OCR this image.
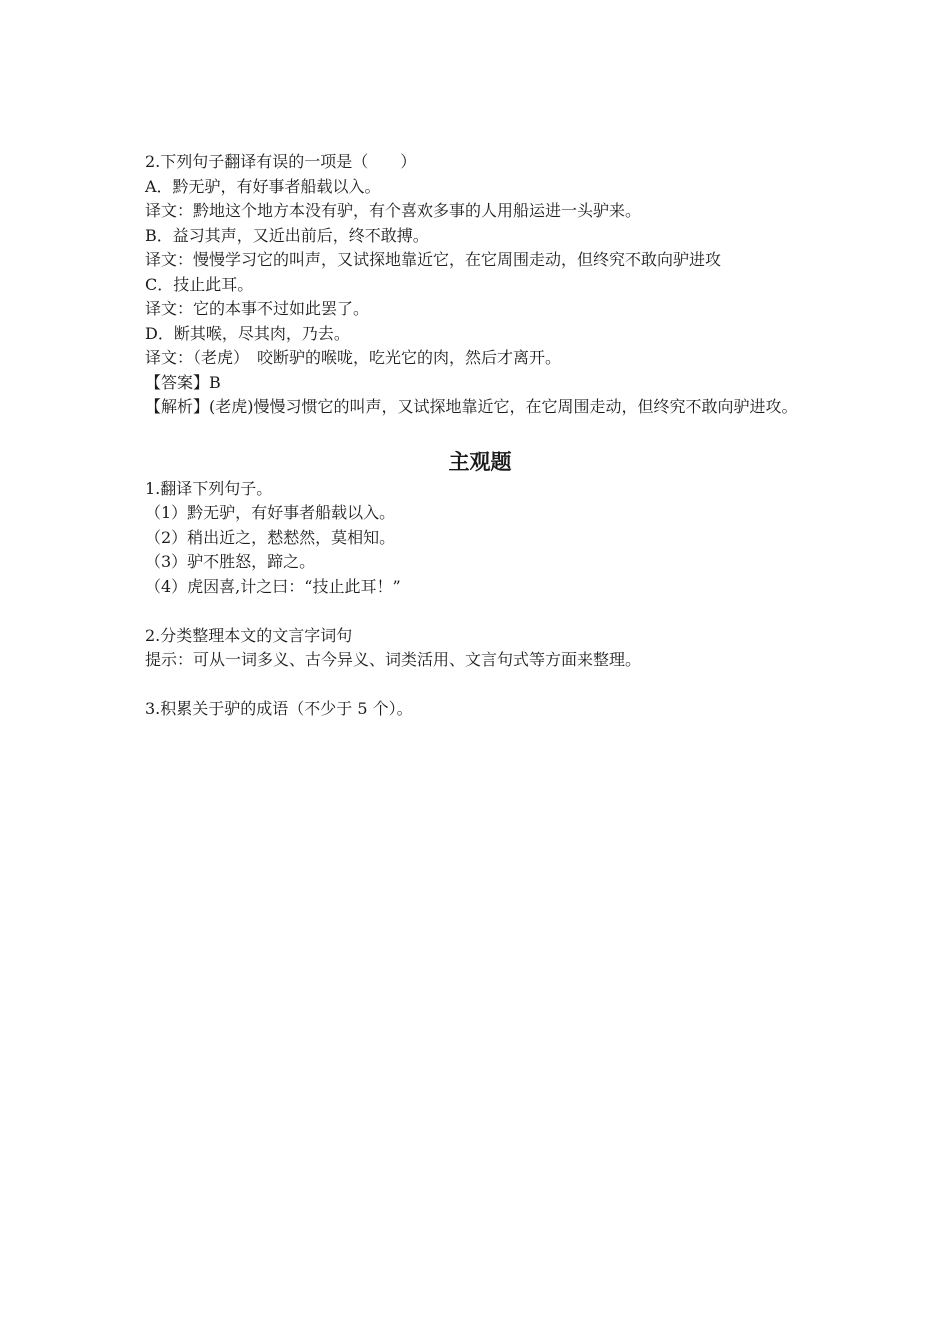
2.下列句子翻译有误的一项是（　　）

A．黔无驴，有好事者船载以入。

译文：黔地这个地方本没有驴，有个喜欢多事的人用船运进一头驴来。

B．益习其声，又近出前后，终不敢搏。

译文：慢慢学习它的叫声，又试探地靠近它，在它周围走动，但终究不敢向驴进攻

C．技止此耳。

译文：它的本事不过如此罢了。

D．断其喉，尽其肉，乃去。

译文：（老虎）　咬断驴的喉咙，吃光它的肉，然后才离开。

【答案】B

【解析】(老虎)慢慢习惯它的叫声，又试探地靠近它，在它周围走动，但终究不敢向驴进攻。

主观题

1.翻译下列句子。

（1）黔无驴，有好事者船载以入。

（2）稍出近之，慭慭然，莫相知。

（3）驴不胜怒，蹄之。

（4）虎因喜,计之曰：“技止此耳！”

2.分类整理本文的文言字词句

提示：可从一词多义、古今异义、词类活用、文言句式等方面来整理。

3.积累关于驴的成语（不少于 5 个）。
